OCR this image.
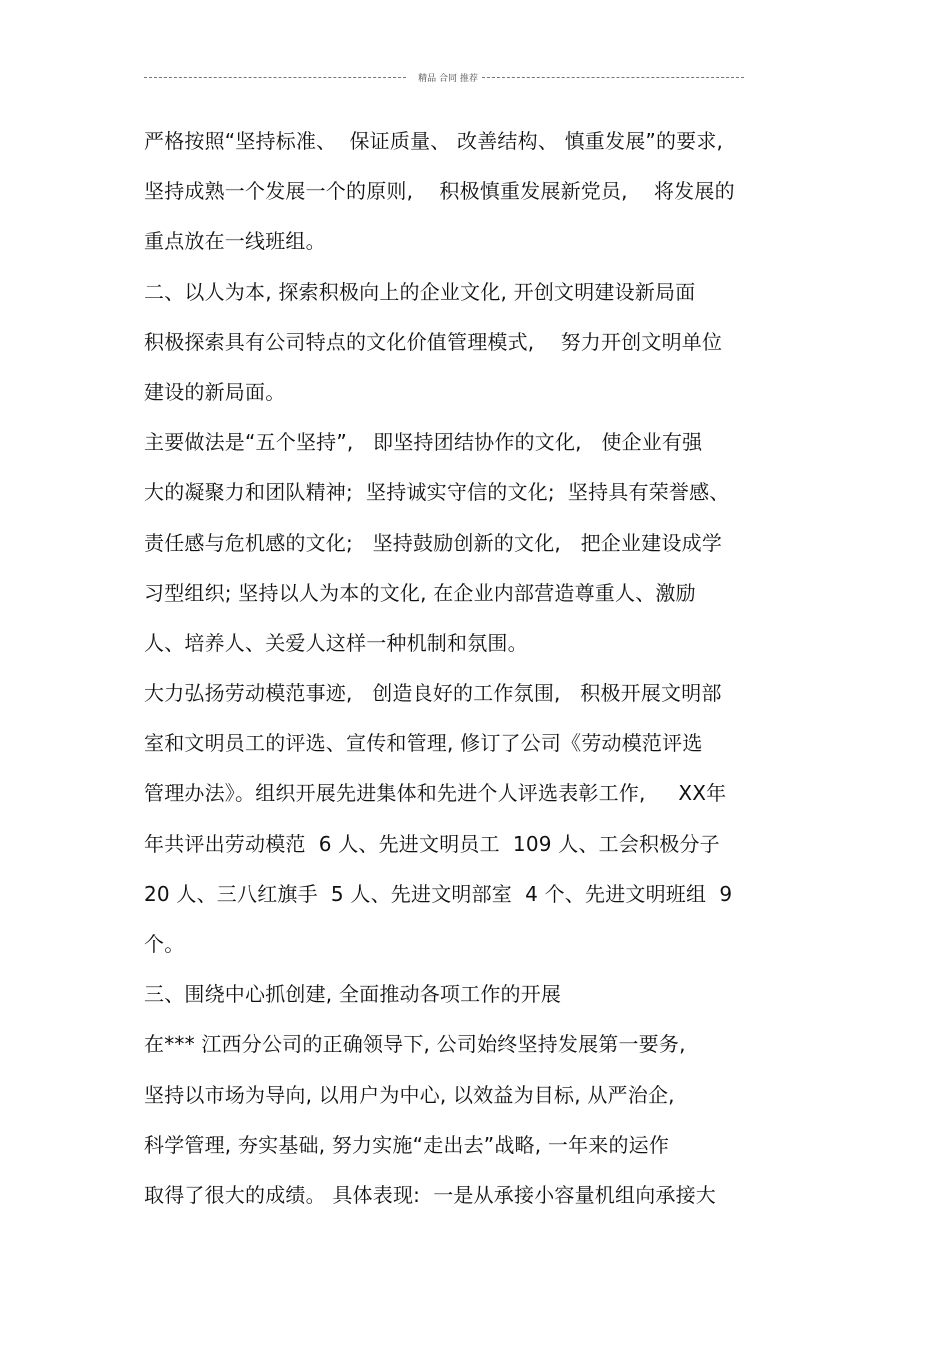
精品 合同 推荐
严格按照“坚持标准、  保证质量、 改善结构、 慎重发展”的要求,
坚持成熟一个发展一个的原则,    积极慎重发展新党员,    将发展的
重点放在一线班组。
二、以人为本, 探索积极向上的企业文化, 开创文明建设新局面
积极探索具有公司特点的文化价值管理模式,    努力开创文明单位
建设的新局面。
主要做法是“五个坚持”,   即坚持团结协作的文化,   使企业有强
大的凝聚力和团队精神;  坚持诚实守信的文化;  坚持具有荣誉感、
责任感与危机感的文化;   坚持鼓励创新的文化,   把企业建设成学
习型组织; 坚持以人为本的文化, 在企业内部营造尊重人、激励
人、培养人、关爱人这样一种机制和氛围。
大力弘扬劳动模范事迹,   创造良好的工作氛围,   积极开展文明部
室和文明员工的评选、宣传和管理, 修订了公司《劳动模范评选
管理办法》。组织开展先进集体和先进个人评选表彰工作,     XX年
年共评出劳动模范  6 人、先进文明员工  109 人、工会积极分子
20 人、三八红旗手  5 人、先进文明部室  4 个、先进文明班组  9
个。
三、围绕中心抓创建, 全面推动各项工作的开展
在*** 江西分公司的正确领导下, 公司始终坚持发展第一要务,
坚持以市场为导向, 以用户为中心, 以效益为目标, 从严治企,
科学管理, 夯实基础, 努力实施“走出去”战略, 一年来的运作
取得了很大的成绩。 具体表现:  一是从承接小容量机组向承接大
